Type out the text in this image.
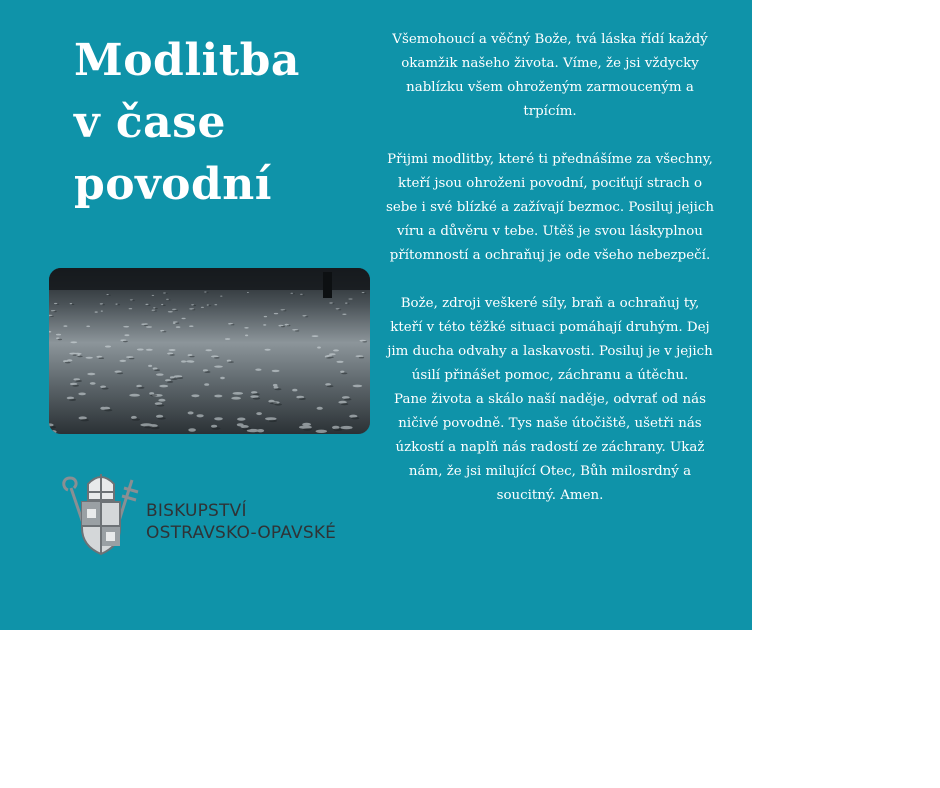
Modlitba
v čase
povodní
BISKUPSTVÍ
OSTRAVSKO-OPAVSKÉ

Všemohoucí a věčný Bože, tvá láska řídí každý okamžik našeho života. Víme, že jsi vždycky nablízku všem ohroženým zarmouceným a trpícím.

Přijmi modlitby, které ti přednášíme za všechny, kteří jsou ohroženi povodní, pociťují strach o sebe i své blízké a zažívají bezmoc. Posiluj jejich víru a důvěru v tebe. Utěš je svou láskyplnou přítomností a ochraňuj je ode všeho nebezpečí.

Bože, zdroji veškeré síly, braň a ochraňuj ty, kteří v této těžké situaci pomáhají druhým. Dej jim ducha odvahy a laskavosti. Posiluj je v jejich úsilí přinášet pomoc, záchranu a útěchu.

Pane života a skálo naší naděje, odvrať od nás ničivé povodně. Tys naše útočiště, ušetři nás úzkostí a naplň nás radostí ze záchrany. Ukaž nám, že jsi milující Otec, Bůh milosrdný a soucitný. Amen.
